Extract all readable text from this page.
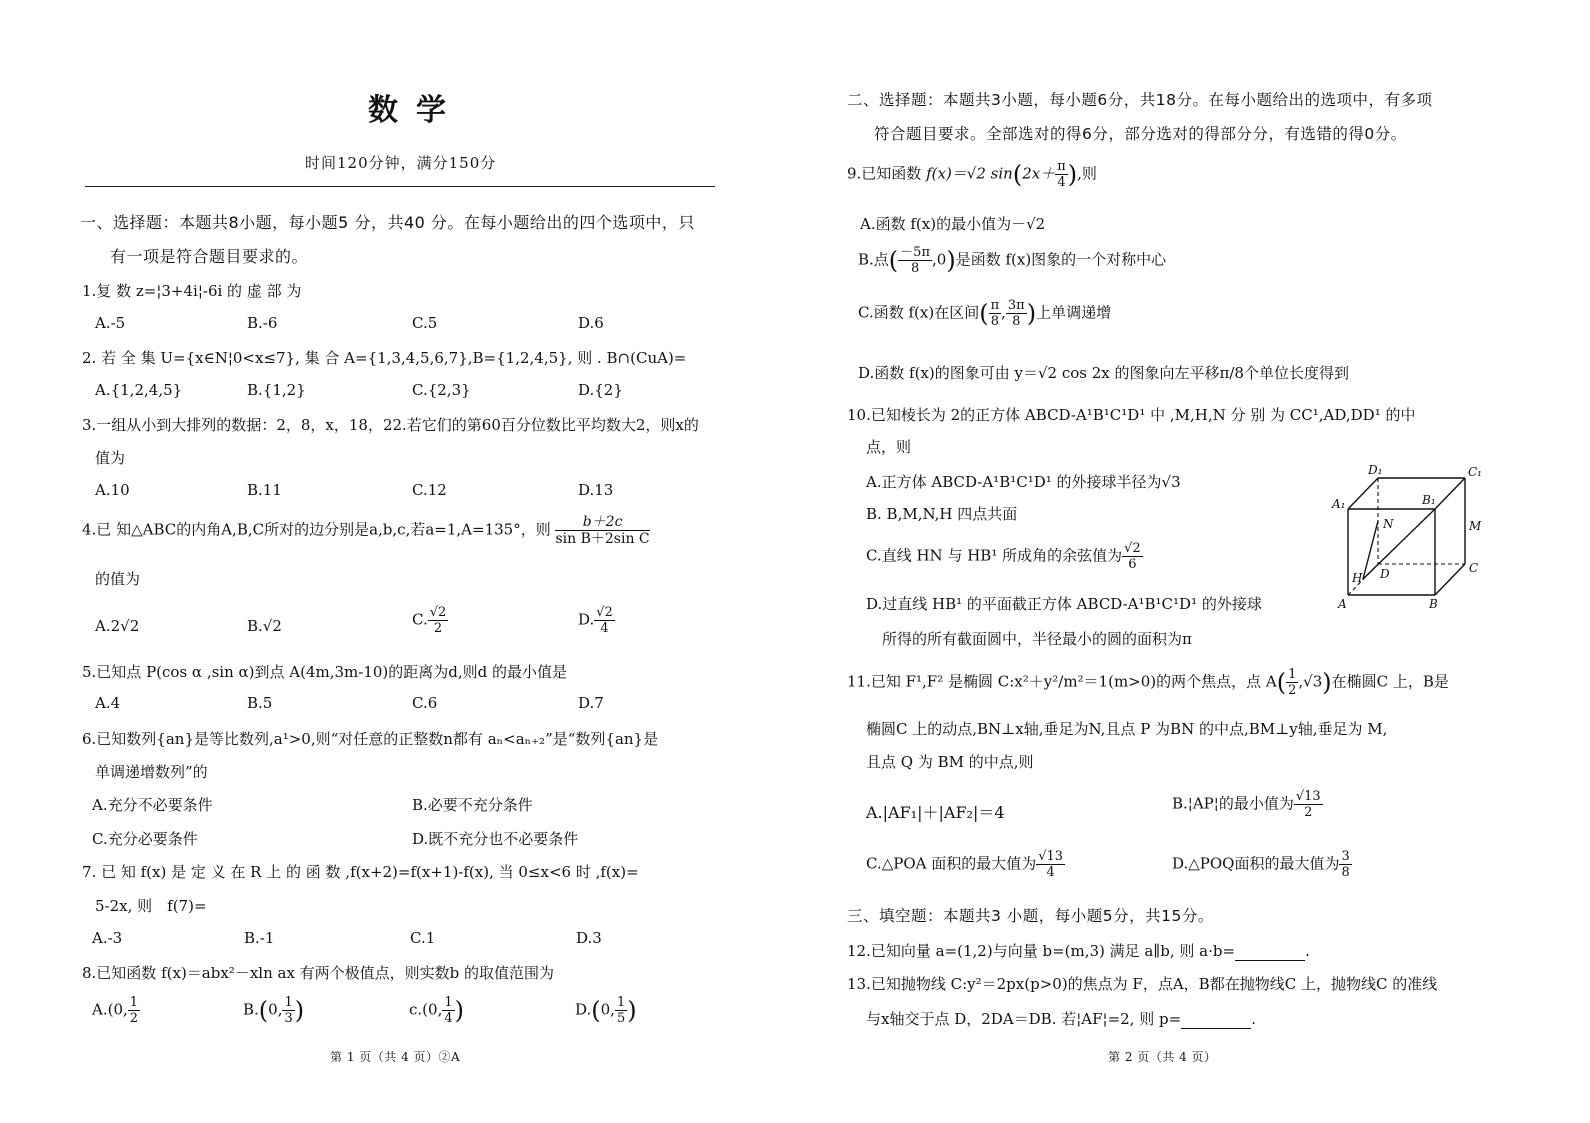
数学
时间120分钟，满分150分
一、选择题：本题共8小题，每小题5 分，共40 分。在每小题给出的四个选项中，只
有一项是符合题目要求的。
1.复 数 z=¦3+4i¦-6i 的 虚 部 为
A.-5	B.-6	C.5	D.6
2. 若 全 集 U={x∈N¦0<x≤7}, 集 合 A={1,3,4,5,6,7},B={1,2,4,5}, 则 . B∩(CuA)=
A.{1,2,4,5}	B.{1,2}	C.{2,3}	D.{2}
3.一组从小到大排列的数据：2，8，x，18，22.若它们的第60百分位数比平均数大2，则x的
值为
A.10	B.11	C.12	D.13
4.已 知△ABC的内角A,B,C所对的边分别是a,b,c,若a=1,A=135°，则 $\frac{b+2c}{\text{sin B＋2sin C}}$
的值为
A.2√2	B.√2	C. $\frac{√2}{2}$	D. $\frac{√2}{4}$
5.已知点 P(cos α ,sin α)到点 A(4m,3m-10)的距离为d,则d 的最小值是
A.4	B.5	C.6	D.7
6.已知数列{an}是等比数列,a¹>0,则“对任意的正整数n都有 aₙ<aₙ₊₂”是“数列{an}是
单调递增数列”的
A.充分不必要条件	B.必要不充分条件
C.充分必要条件	D.既不充分也不必要条件
7. 已 知 f(x) 是 定 义 在 R 上 的 函 数 ,f(x+2)=f(x+1)-f(x), 当 0≤x<6 时 ,f(x)=
5-2x, 则　f(7)=
A.-3	B.-1	C.1	D.3
8.已知函数 f(x)＝abx²－xln ax 有两个极值点，则实数b 的取值范围为
A.(0, $\frac{1}{2}$	B.(0, $\frac{1}{3}$ )	c.(0, $\frac{1}{4}$ )	D.(0, $\frac{1}{5}$ )
第 1 页（共 4 页）②A
二、选择题：本题共3小题，每小题6分，共18分。在每小题给出的选项中，有多项
符合题目要求。全部选对的得6分，部分选对的得部分分，有选错的得0分。
9.已知函数 f(x)＝√2 $\sin(2x+ \frac{\pi}{4}$ ),则
A.函数 f(x)的最小值为－√2
B.点( $\frac{-5\pi}{8} ,0$)是函数 f(x)图象的一个对称中心
C.函数 f(x)在区间( $\frac{\pi}{8}$ , $\frac{3\pi}{8}$ )上单调递增
D.函数 f(x)的图象可由 y＝√2 cos 2x 的图象向左平移π/8个单位长度得到
10.已知棱长为 2的正方体 ABCD-A¹B¹C¹D¹ 中 ,M,H,N 分 别 为 CC¹,AD,DD¹ 的中
点，则
A.正方体 ABCD-A¹B¹C¹D¹ 的外接球半径为√3
B. B,M,N,H 四点共面
C.直线 HN 与 HB¹ 所成角的余弦值为 $\frac{√2}{6}$
D.过直线 HB¹ 的平面截正方体 ABCD-A¹B¹C¹D¹ 的外接球
所得的所有截面圆中，半径最小的圆的面积为π
D₁	C₁
A₁	B₁
N	M
H D	C
A	B
11.已知 F¹,F² 是椭圆 C:x²＋y²/m²＝1(m>0)的两个焦点，点 $A( \frac{1}{2} ,√3)$在椭圆C 上，B是
椭圆C 上的动点,BN⊥x轴,垂足为N,且点 P 为BN 的中点,BM⊥y轴,垂足为 M,
且点 Q 为 BM 的中点,则
A.|AF₁|＋|AF₂|＝4	B.¦AP¦的最小值为 $\frac{√13}{2}$
C.△POA 面积的最大值为 $\frac{√13}{4}$	D.△POQ面积的最大值为 $\frac{3}{8}$
三、填空题：本题共3 小题，每小题5分，共15分。
12.已知向量 a=(1,2)与向量 b=(m,3) 满足 a∥b, 则 a·b=	.
13.已知抛物线 C:y²＝2px(p>0)的焦点为 F，点A，B都在抛物线C 上，抛物线C 的准线
与x轴交于点 D，2DA＝DB. 若¦AF¦=2, 则 p=	.
第 2 页（共 4 页）
